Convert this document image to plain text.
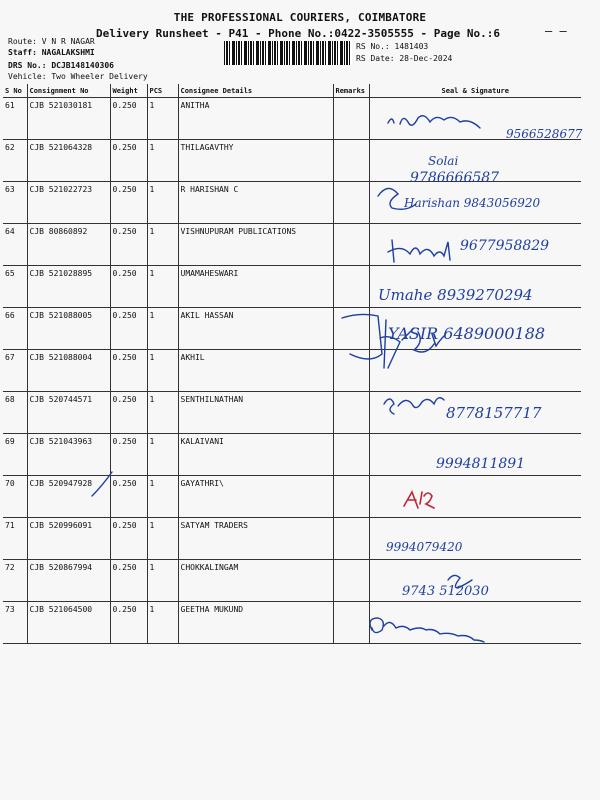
THE PROFESSIONAL COURIERS, COIMBATORE
Delivery Runsheet - P41 - Phone No.:0422-3505555 - Page No.:6	– –
Route: V N R NAGAR
Staff: NAGALAKSHMI
DRS No.: DCJB148140306
Vehicle: Two Wheeler Delivery
RS No.: 1481403
RS Date: 28-Dec-2024
S No	Consignment No	Weight	PCS	Consignee Details	Remarks	Seal & Signature
61	CJB 521030181	0.250	1	ANITHA		
62	CJB 521064328	0.250	1	THILAGAVTHY		
63	CJB 521022723	0.250	1	R HARISHAN C		
64	CJB 80860892	0.250	1	VISHNUPURAM PUBLICATIONS		
65	CJB 521028895	0.250	1	UMAMAHESWARI		
66	CJB 521088005	0.250	1	AKIL HASSAN		
67	CJB 521088004	0.250	1	AKHIL		
68	CJB 520744571	0.250	1	SENTHILNATHAN		
69	CJB 521043963	0.250	1	KALAIVANI		
70	CJB 520947928	0.250	1	GAYATHRI\		
71	CJB 520996091	0.250	1	SATYAM TRADERS		
72	CJB 520867994	0.250	1	CHOKKALINGAM		
73	CJB 521064500	0.250	1	GEETHA MUKUND		
9566528677
Solai
9786666587
Harishan 9843056920
9677958829
Umahe 8939270294
YASIR 6489000188
8778157717
9994811891
9994079420
9743 512030
